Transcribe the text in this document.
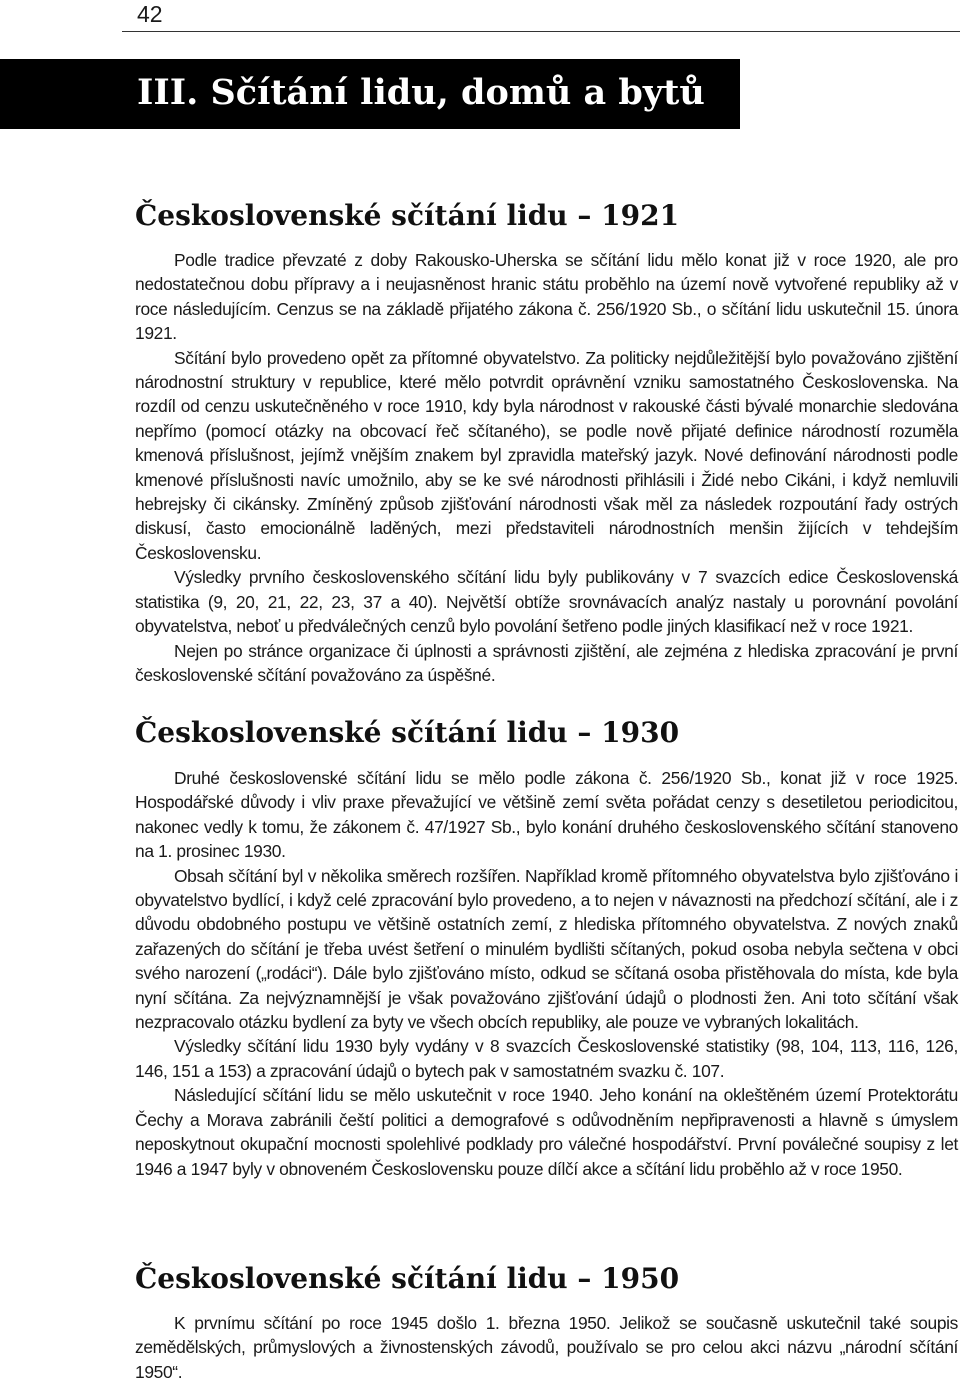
42
III. Sčítání lidu, domů a bytů
Československé sčítání lidu – 1921

Podle tradice převzaté z doby Rakousko-Uherska se sčítání lidu mělo konat již v roce 1920, ale pro nedostatečnou dobu přípravy a i neujasněnost hranic státu proběhlo na území nově vytvořené republiky až v roce následujícím. Cenzus se na základě přijatého zákona č. 256/1920 Sb., o sčítání lidu uskutečnil 15. února 1921.

Sčítání bylo provedeno opět za přítomné obyvatelstvo. Za politicky nejdůležitější bylo považováno zjištění národnostní struktury v republice, které mělo potvrdit oprávnění vzniku samostatného Československa. Na rozdíl od cenzu uskutečněného v roce 1910, kdy byla národnost v rakouské části bývalé monarchie sledována nepřímo (pomocí otázky na obcovací řeč sčítaného), se podle nově přijaté definice národností rozuměla kmenová příslušnost, jejímž vnějším znakem byl zpravidla mateřský jazyk. Nové definování národnosti podle kmenové příslušnosti navíc umožnilo, aby se ke své národnosti přihlásili i Židé nebo Cikáni, i když nemluvili hebrejsky či cikánsky. Zmíněný způsob zjišťování národnosti však měl za následek rozpoutání řady ostrých diskusí, často emocionálně laděných, mezi představiteli národnostních menšin žijících v tehdejším Československu.

Výsledky prvního československého sčítání lidu byly publikovány v 7 svazcích edice Československá statistika (9, 20, 21, 22, 23, 37 a 40). Největší obtíže srovnávacích analýz nastaly u porovnání povolání obyvatelstva, neboť u předválečných cenzů bylo povolání šetřeno podle jiných klasifikací než v roce 1921.

Nejen po stránce organizace či úplnosti a správnosti zjištění, ale zejména z hlediska zpracování je první československé sčítání považováno za úspěšné.

Československé sčítání lidu – 1930

Druhé československé sčítání lidu se mělo podle zákona č. 256/1920 Sb., konat již v roce 1925. Hospodářské důvody i vliv praxe převažující ve většině zemí světa pořádat cenzy s desetiletou periodicitou, nakonec vedly k tomu, že zákonem č. 47/1927 Sb., bylo konání druhého československého sčítání stanoveno na 1. prosinec 1930.

Obsah sčítání byl v několika směrech rozšířen. Například kromě přítomného obyvatelstva bylo zjišťováno i obyvatelstvo bydlící, i když celé zpracování bylo provedeno, a to nejen v návaznosti na předchozí sčítání, ale i z důvodu obdobného postupu ve většině ostatních zemí, z hlediska přítomného obyvatelstva. Z nových znaků zařazených do sčítání je třeba uvést šetření o minulém bydlišti sčítaných, pokud osoba nebyla sečtena v obci svého narození („rodáci“). Dále bylo zjišťováno místo, odkud se sčítaná osoba přistěhovala do místa, kde byla nyní sčítána. Za nejvýznamnější je však považováno zjišťování údajů o plodnosti žen. Ani toto sčítání však nezpracovalo otázku bydlení za byty ve všech obcích republiky, ale pouze ve vybraných lokalitách.

Výsledky sčítání lidu 1930 byly vydány v 8 svazcích Československé statistiky (98, 104, 113, 116, 126, 146, 151 a 153) a zpracování údajů o bytech pak v samostatném svazku č. 107.

Následující sčítání lidu se mělo uskutečnit v roce 1940. Jeho konání na okleštěném území Protektorátu Čechy a Morava zabránili čeští politici a demografové s odůvodněním nepřipravenosti a hlavně s úmyslem neposkytnout okupační mocnosti spolehlivé podklady pro válečné hospodářství. První poválečné soupisy z let 1946 a 1947 byly v obnoveném Československu pouze dílčí akce a sčítání lidu proběhlo až v roce 1950.

Československé sčítání lidu – 1950

K prvnímu sčítání po roce 1945 došlo 1. března 1950. Jelikož se současně uskutečnil také soupis zemědělských, průmyslových a živnostenských závodů, používalo se pro celou akci názvu „národní sčítání 1950“.
